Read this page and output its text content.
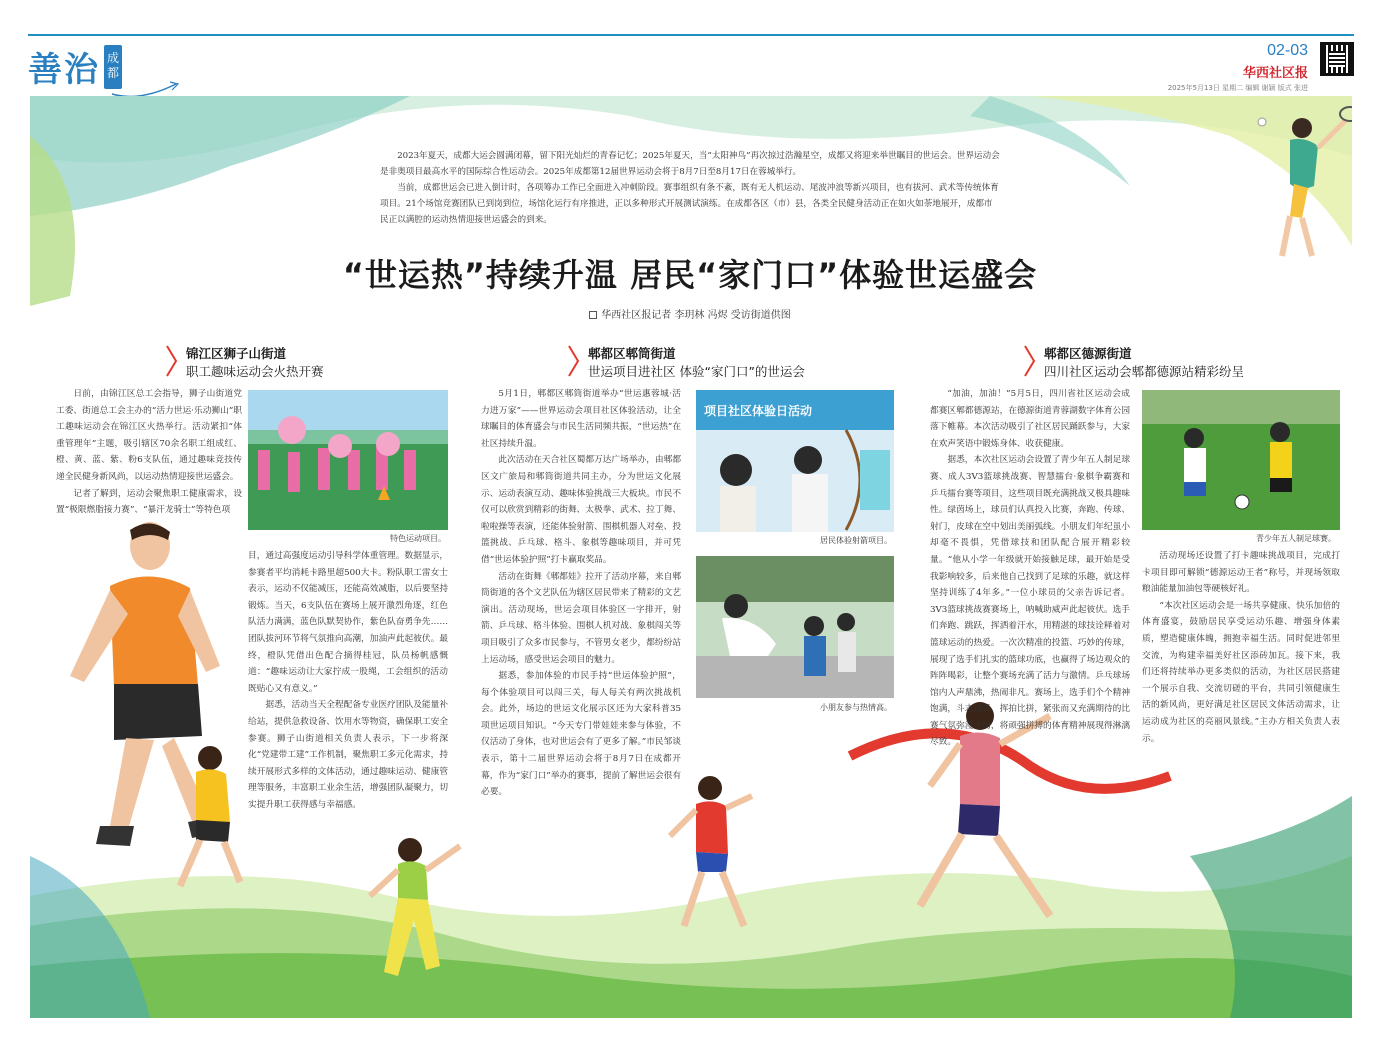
善治 成都
02-03
华西社区报
2025年5月13日 星期二 编辑 谢颖 版式 张进

2023年夏天，成都大运会圆满闭幕，留下阳光灿烂的青春记忆；2025年夏天，当“太阳神鸟”再次掠过浩瀚星空，成都又将迎来举世瞩目的世运会。世界运动会是非奥项目最高水平的国际综合性运动会。2025年成都第12届世界运动会将于8月7日至8月17日在蓉城举行。

当前，成都世运会已进入倒计时，各项筹办工作已全面进入冲刺阶段。赛事组织有条不紊，既有无人机运动、尾波冲浪等新兴项目，也有拔河、武术等传统体育项目。21个场馆竞赛团队已到岗到位，场馆化运行有序推进，正以多种形式开展测试演练。在成都各区（市）县，各类全民健身活动正在如火如荼地展开，成都市民正以满腔的运动热情迎接世运盛会的到来。

“世运热”持续升温 居民“家门口”体验世运盛会
华西社区报记者 李玥林 冯烬 受访街道供图
锦江区狮子山街道
职工趣味运动会火热开赛

日前，由锦江区总工会指导，狮子山街道党工委、街道总工会主办的“活力世运·乐动狮山”职工趣味运动会在锦江区火热举行。活动紧扣“体重管理年”主题，吸引辖区70余名职工组成红、橙、黄、蓝、紫、粉6支队伍，通过趣味竞技传递全民健身新风尚，以运动热情迎接世运盛会。

记者了解到，运动会聚焦职工健康需求，设置“极限燃脂接力赛”、“暴汗龙骑士”等特色项

特色运动项目。

目，通过高强度运动引导科学体重管理。数据显示，参赛者平均消耗卡路里超500大卡。粉队职工雷女士表示，运动不仅能减压，还能高效减脂，以后要坚持锻炼。当天，6支队伍在赛场上展开激烈角逐，红色队活力满满，蓝色队默契协作，紫色队奋勇争先……团队拔河环节将气氛推向高潮，加油声此起彼伏。最终，橙队凭借出色配合摘得桂冠，队员杨帆感慨道：“趣味运动让大家拧成一股绳，工会组织的活动既贴心又有意义。”

据悉，活动当天全程配备专业医疗团队及能量补给站，提供急救设备、饮用水等物资，确保职工安全参赛。狮子山街道相关负责人表示，下一步将深化“党建带工建”工作机制，聚焦职工多元化需求，持续开展形式多样的文体活动，通过趣味运动、健康管理等服务，丰富职工业余生活，增强团队凝聚力，切实提升职工获得感与幸福感。

郫都区郫筒街道
世运项目进社区 体验“家门口”的世运会

5月1日，郫都区郫筒街道举办“世运惠蓉城·活力进万家”——世界运动会项目社区体验活动，让全球瞩目的体育盛会与市民生活同频共振，“世运热”在社区持续升温。

此次活动在天合社区蜀都万达广场举办，由郫都区文广旅局和郫筒街道共同主办，分为世运文化展示、运动表演互动、趣味体验挑战三大板块。市民不仅可以欣赏到精彩的街舞、太极拳、武术、拉丁舞、啦啦操等表演，还能体验射箭、围棋机器人对垒、投篮挑战、乒乓球、格斗、象棋等趣味项目，并可凭借“世运体验护照”打卡赢取奖品。

活动在街舞《郫都娃》拉开了活动序幕，来自郫筒街道的各个文艺队伍为辖区居民带来了精彩的文艺演出。活动现场，世运会项目体验区一字排开，射箭、乒乓球、格斗体验、围棋人机对战、象棋闯关等项目吸引了众多市民参与，不管男女老少，都纷纷站上运动场，感受世运会项目的魅力。

据悉，参加体验的市民手持“世运体验护照”，每个体验项目可以闯三关，每人每关有两次挑战机会。此外，场边的世运文化展示区还为大家科普35项世运项目知识。“今天专门带娃娃来参与体验，不仅活动了身体，也对世运会有了更多了解。”市民邹谈表示，第十二届世界运动会将于8月7日在成都开幕，作为“家门口”举办的赛事，提前了解世运会很有必要。

项目社区体验日活动
居民体验射箭项目。
小朋友参与热情高。
郫都区德源街道
四川社区运动会郫都德源站精彩纷呈

“加油，加油！”5月5日，四川省社区运动会成都赛区郫都德源站，在德源街道青蓉湖数字体育公园落下帷幕。本次活动吸引了社区居民踊跃参与，大家在欢声笑语中锻炼身体、收获健康。

据悉，本次社区运动会设置了青少年五人制足球赛、成人3V3篮球挑战赛、智慧擂台·象棋争霸赛和乒乓擂台赛等项目，这些项目既充满挑战又极具趣味性。绿茵场上，球员们认真投入比赛，奔跑、传球、射门，皮球在空中划出美丽弧线。小朋友们年纪虽小却毫不畏惧，凭借球技和团队配合展开精彩较量。“他从小学一年级就开始接触足球，最开始是受我影响较多，后来他自己找到了足球的乐趣，就这样坚持训练了4年多。”一位小球员的父亲告诉记者。3V3篮球挑战赛赛场上，呐喊助威声此起彼伏。选手们奔跑、跳跃，挥洒着汗水，用精湛的球技诠释着对篮球运动的热爱。一次次精准的投篮、巧妙的传球，展现了选手们扎实的篮球功底，也赢得了场边观众的阵阵喝彩，让整个赛场充满了活力与激情。乒乓球场馆内人声鼎沸，热闹非凡。赛场上，选手们个个精神饱满，斗志昂扬，挥拍比拼，紧张而又充满期待的比赛气氛弥漫全场，将顽强拼搏的体育精神展现得淋漓尽致。

青少年五人制足球赛。

活动现场还设置了打卡趣味挑战项目，完成打卡项目即可解锁“德源运动王者”称号，并现场领取粮油能量加油包等硬核好礼。

“本次社区运动会是一场共享健康、快乐加倍的体育盛宴，鼓励居民享受运动乐趣、增强身体素质，塑造健康体魄，拥抱幸福生活。同时促进邻里交流，为构建幸福美好社区添砖加瓦。接下来，我们还将持续举办更多类似的活动，为社区居民搭建一个展示自我、交流切磋的平台，共同引领健康生活的新风尚，更好满足社区居民文体活动需求，让运动成为社区的亮丽风景线。”主办方相关负责人表示。
